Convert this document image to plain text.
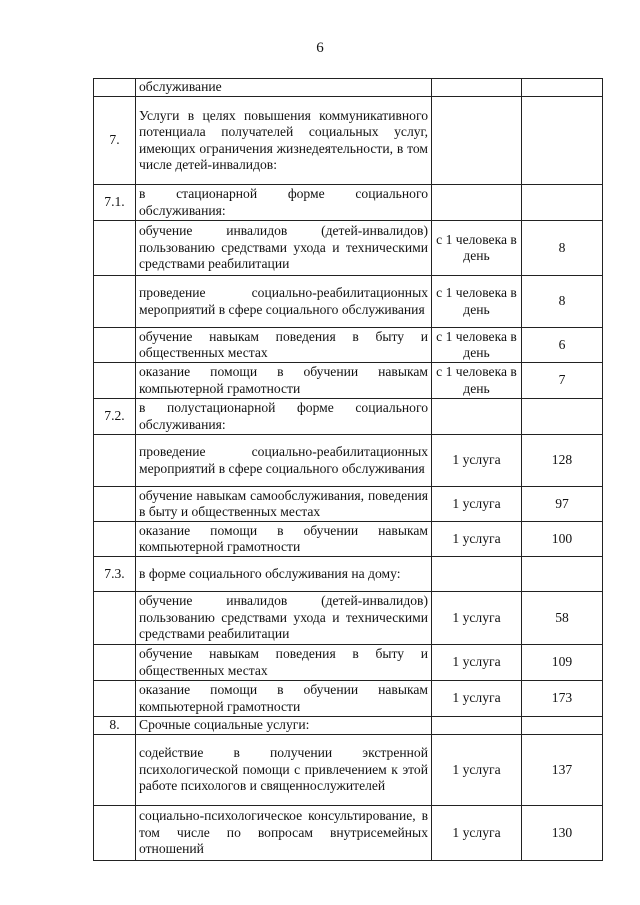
6
	обслуживание		
7.	Услуги в целях повышения коммуникативного потенциала получателей социальных услуг, имеющих ограничения жизнедеятельности, в том числе детей-инвалидов:		
7.1.	в стационарной форме социального обслуживания:		
	обучение инвалидов (детей-инвалидов) пользованию средствами ухода и техническими средствами реабилитации	с 1 человека в день	8
	проведение социально-реабилитационных мероприятий в сфере социального обслуживания	с 1 человека в день	8
	обучение навыкам поведения в быту и общественных местах	с 1 человека в день	6
	оказание помощи в обучении навыкам компьютерной грамотности	с 1 человека в день	7
7.2.	в полустационарной форме социального обслуживания:		
	проведение социально-реабилитационных мероприятий в сфере социального обслуживания	1 услуга	128
	обучение навыкам самообслуживания, поведения в быту и общественных местах	1 услуга	97
	оказание помощи в обучении навыкам компьютерной грамотности	1 услуга	100
7.3.	в форме социального обслуживания на дому:		
	обучение инвалидов (детей-инвалидов) пользованию средствами ухода и техническими средствами реабилитации	1 услуга	58
	обучение навыкам поведения в быту и общественных местах	1 услуга	109
	оказание помощи в обучении навыкам компьютерной грамотности	1 услуга	173
8.	Срочные социальные услуги:		
	содействие в получении экстренной психологической помощи с привлечением к этой работе психологов и священнослужителей	1 услуга	137
	социально-психологическое консультирование, в том числе по вопросам внутрисемейных отношений	1 услуга	130
